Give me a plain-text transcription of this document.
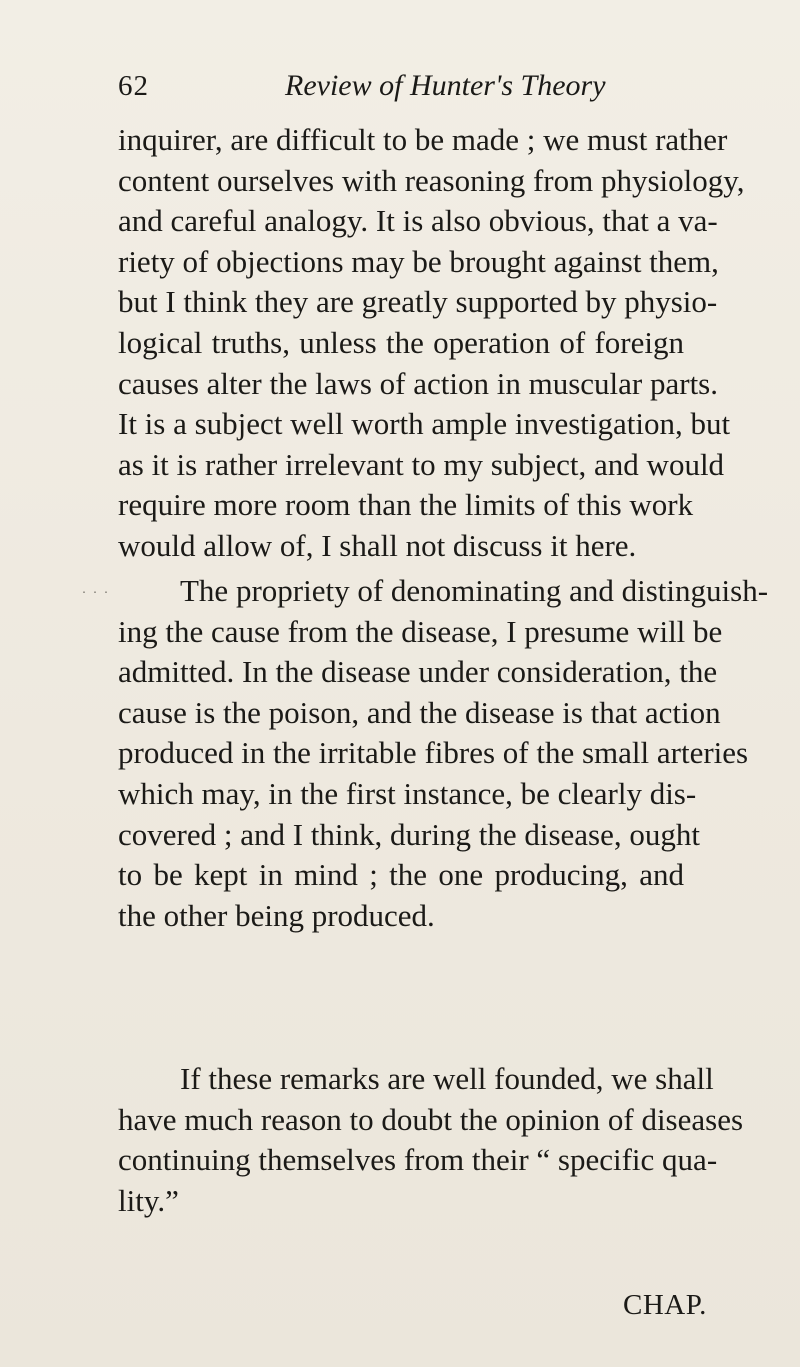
62	Review of Hunter's Theory
․ ․ ․
inquirer, are difficult to be made ; we must rather
content ourselves with reasoning from physiology,
and careful analogy. It is also obvious, that a va-
riety of objections may be brought against them,
but I think they are greatly supported by physio-
logical truths, unless the operation of foreign
causes alter the laws of action in muscular parts.
It is a subject well worth ample investigation, but
as it is rather irrelevant to my subject, and would
require more room than the limits of this work
would allow of, I shall not discuss it here.
The propriety of denominating and distinguish-
ing the cause from the disease, I presume will be
admitted. In the disease under consideration, the
cause is the poison, and the disease is that action
produced in the irritable fibres of the small arteries
which may, in the first instance, be clearly dis-
covered ; and I think, during the disease, ought
to be kept in mind ; the one producing, and
the other being produced.
If these remarks are well founded, we shall
have much reason to doubt the opinion of diseases
continuing themselves from their “ specific qua-
lity.”
CHAP.
